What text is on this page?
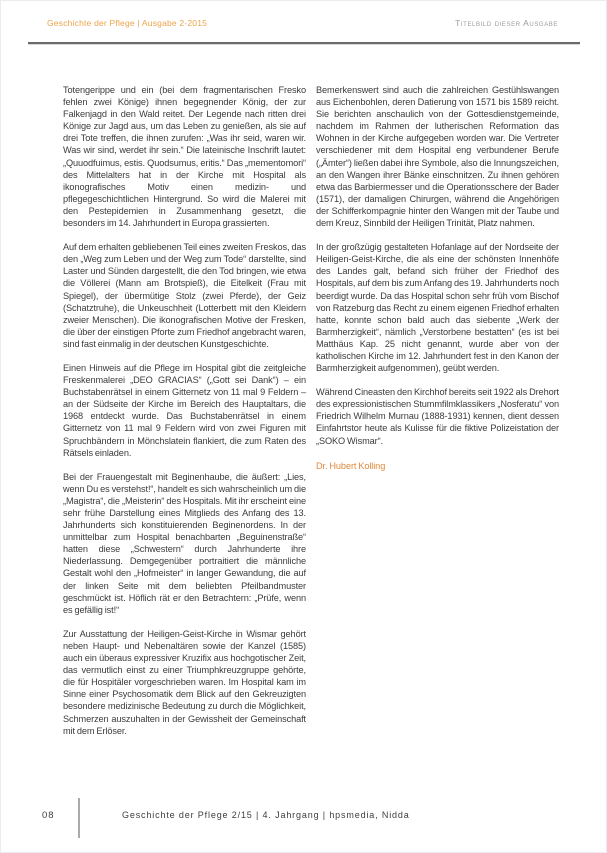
Geschichte der Pflege | Ausgabe 2-2015	Titelbild dieser Ausgabe

Totengerippe und ein (bei dem fragmentarischen Fresko fehlen zwei Könige) ihnen begegnender König, der zur Falkenjagd in den Wald reitet. Der Legende nach ritten drei Könige zur Jagd aus, um das Leben zu genießen, als sie auf drei Tote treffen, die ihnen zurufen: „Was ihr seid, waren wir. Was wir sind, werdet ihr sein.“ Die lateinische Inschrift lautet: „Quuodfuimus, estis. Quodsumus, eritis.“ Das „mementomori“ des Mittelalters hat in der Kirche mit Hospital als ikonografisches Motiv einen medizin- und pflegegeschichtlichen Hintergrund. So wird die Malerei mit den Pestepidemien in Zusammenhang gesetzt, die besonders im 14. Jahrhundert in Europa grassierten.

Auf dem erhalten gebliebenen Teil eines zweiten Freskos, das den „Weg zum Leben und der Weg zum Tode“ darstellte, sind Laster und Sünden dargestellt, die den Tod bringen, wie etwa die Völlerei (Mann am Brotspieß), die Eitelkeit (Frau mit Spiegel), der übermütige Stolz (zwei Pferde), der Geiz (Schatztruhe), die Unkeuschheit (Lotterbett mit den Kleidern zweier Menschen). Die ikonografischen Motive der Fresken, die über der einstigen Pforte zum Friedhof angebracht waren, sind fast einmalig in der deutschen Kunstgeschichte.

Einen Hinweis auf die Pflege im Hospital gibt die zeitgleiche Freskenmalerei „DEO GRACIAS“ („Gott sei Dank“) – ein Buchstabenrätsel in einem Gitternetz von 11 mal 9 Feldern – an der Südseite der Kirche im Bereich des Hauptaltars, die 1968 entdeckt wurde. Das Buchstabenrätsel in einem Gitternetz von 11 mal 9 Feldern wird von zwei Figuren mit Spruchbändern in Mönchslatein flankiert, die zum Raten des Rätsels einladen.

Bei der Frauengestalt mit Beginenhaube, die äußert: „Lies, wenn Du es verstehst!“, handelt es sich wahrscheinlich um die „Magistra“, die „Meisterin“ des Hospitals. Mit ihr erscheint eine sehr frühe Darstellung eines Mitglieds des Anfang des 13. Jahrhunderts sich konstituierenden Beginenordens. In der unmittelbar zum Hospital benachbarten „Beguinenstraße“ hatten diese „Schwestern“ durch Jahrhunderte ihre Niederlassung. Demgegenüber portraitiert die männliche Gestalt wohl den „Hofmeister“ in langer Gewandung, die auf der linken Seite mit dem beliebten Pfeilbandmuster geschmückt ist. Höflich rät er den Betrachtern: „Prüfe, wenn es gefällig ist!“

Zur Ausstattung der Heiligen-Geist-Kirche in Wismar gehört neben Haupt- und Nebenaltären sowie der Kanzel (1585) auch ein überaus expressiver Kruzifix aus hochgotischer Zeit, das vermutlich einst zu einer Triumphkreuzgruppe gehörte, die für Hospitäler vorgeschrieben waren. Im Hospital kam im Sinne einer Psychosomatik dem Blick auf den Gekreuzigten besondere medizinische Bedeutung zu durch die Möglichkeit, Schmerzen auszuhalten in der Gewissheit der Gemeinschaft mit dem Erlöser.

Bemerkenswert sind auch die zahlreichen Gestühlswangen aus Eichenbohlen, deren Datierung von 1571 bis 1589 reicht. Sie berichten anschaulich von der Gottesdienstgemeinde, nachdem im Rahmen der lutherischen Reformation das Wohnen in der Kirche aufgegeben worden war. Die Vertreter verschiedener mit dem Hospital eng verbundener Berufe („Ämter“) ließen dabei ihre Symbole, also die Innungszeichen, an den Wangen ihrer Bänke einschnitzen. Zu ihnen gehören etwa das Barbiermesser und die Operationsschere der Bader (1571), der damaligen Chirurgen, während die Angehörigen der Schifferkompagnie hinter den Wangen mit der Taube und dem Kreuz, Sinnbild der Heiligen Trinität, Platz nahmen.

In der großzügig gestalteten Hofanlage auf der Nordseite der Heiligen-Geist-Kirche, die als eine der schönsten Innenhöfe des Landes galt, befand sich früher der Friedhof des Hospitals, auf dem bis zum Anfang des 19. Jahrhunderts noch beerdigt wurde. Da das Hospital schon sehr früh vom Bischof von Ratzeburg das Recht zu einem eigenen Friedhof erhalten hatte, konnte schon bald auch das siebente „Werk der Barmherzigkeit“, nämlich „Verstorbene bestatten“ (es ist bei Matthäus Kap. 25 nicht genannt, wurde aber von der katholischen Kirche im 12. Jahrhundert fest in den Kanon der Barmherzigkeit aufgenommen), geübt werden.

Während Cineasten den Kirchhof bereits seit 1922 als Drehort des expressionistischen Stummfilmklassikers „Nosferatu“ von Friedrich Wilhelm Murnau (1888-1931) kennen, dient dessen Einfahrtstor heute als Kulisse für die fiktive Polizeistation der „SOKO Wismar“.

Dr. Hubert Kolling
08	Geschichte der Pflege 2/15 | 4. Jahrgang | hpsmedia, Nidda
